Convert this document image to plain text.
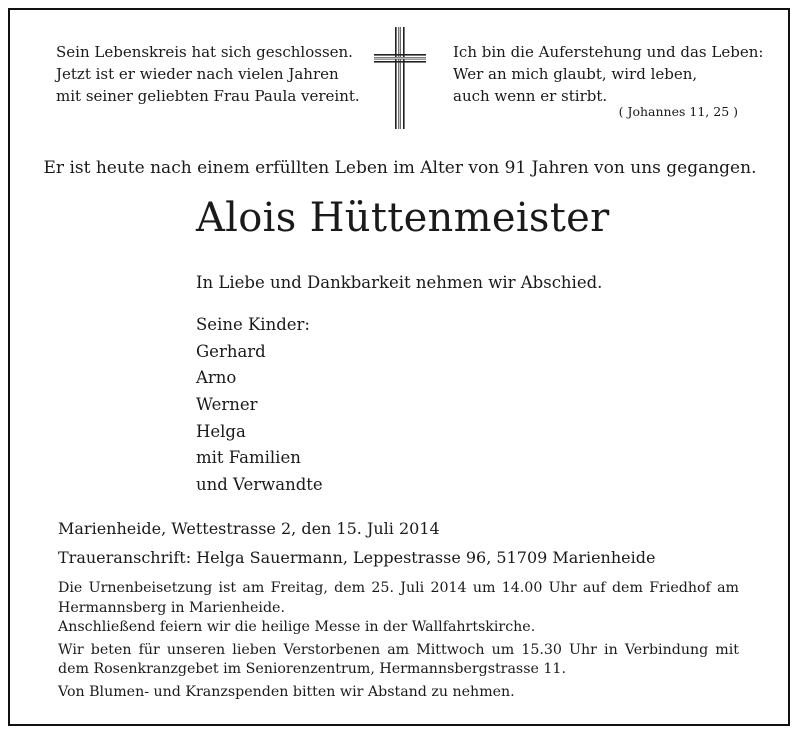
Sein Lebenskreis hat sich geschlossen.
Jetzt ist er wieder nach vielen Jahren
mit seiner geliebten Frau Paula vereint.
Ich bin die Auferstehung und das Leben:
Wer an mich glaubt, wird leben,
auch wenn er stirbt.
( Johannes 11, 25 )
Er ist heute nach einem erfüllten Leben im Alter von 91 Jahren von uns gegangen.
Alois Hüttenmeister
In Liebe und Dankbarkeit nehmen wir Abschied.
Seine Kinder:
Gerhard
Arno
Werner
Helga
mit Familien
und Verwandte
Marienheide, Wettestrasse 2, den 15. Juli 2014
Traueranschrift: Helga Sauermann, Leppestrasse 96, 51709 Marienheide

Die Urnenbeisetzung ist am Freitag, dem 25. Juli 2014 um 14.00 Uhr auf dem Friedhof am Hermannsberg in Marienheide.

Anschließend feiern wir die heilige Messe in der Wallfahrtskirche.

Wir beten für unseren lieben Verstorbenen am Mittwoch um 15.30 Uhr in Verbindung mit dem Rosenkranzgebet im Seniorenzentrum, Hermannsbergstrasse 11.

Von Blumen- und Kranzspenden bitten wir Abstand zu nehmen.
